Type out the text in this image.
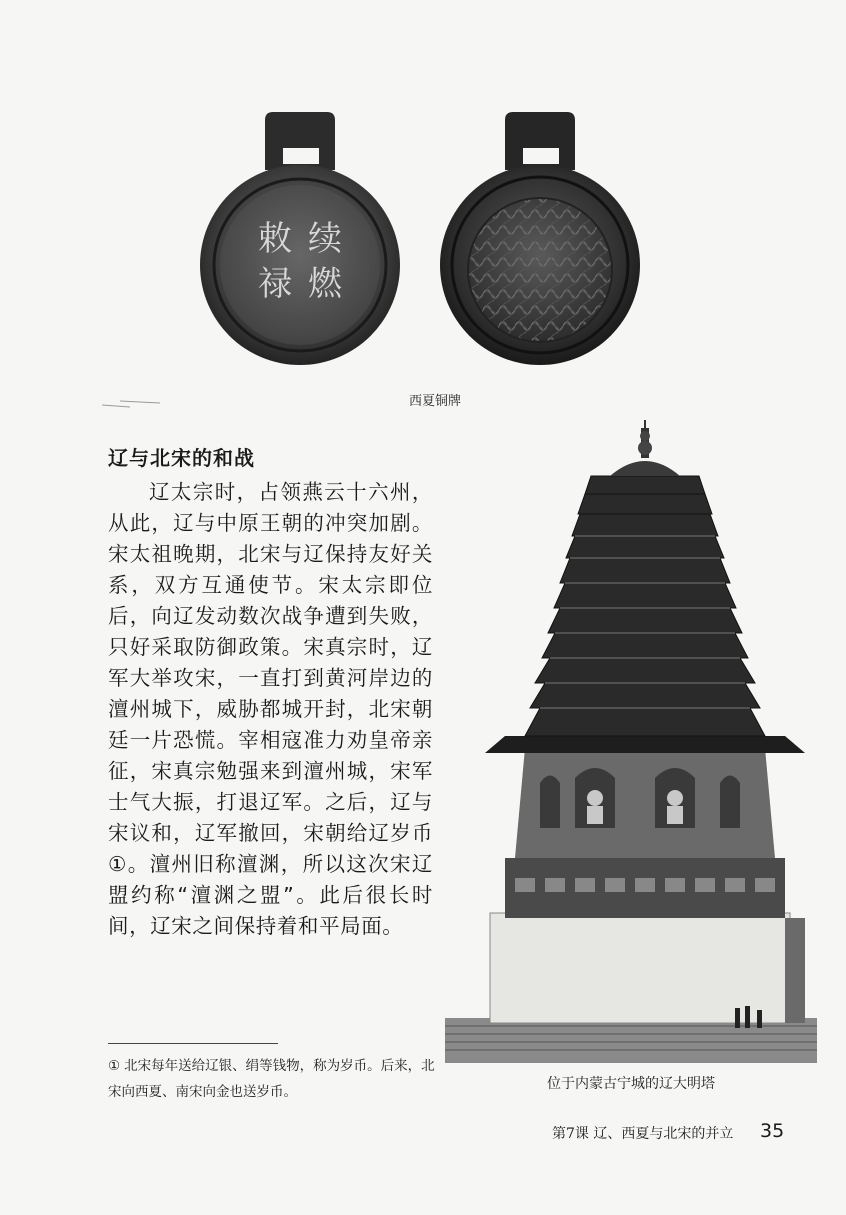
续
敕
燃
禄
西夏铜牌
辽与北宋的和战
辽太宗时，占领燕云十六州，从此，辽与中原王朝的冲突加剧。宋太祖晚期，北宋与辽保持友好关系，双方互通使节。宋太宗即位后，向辽发动数次战争遭到失败，只好采取防御政策。宋真宗时，辽军大举攻宋，一直打到黄河岸边的澶州城下，威胁都城开封，北宋朝廷一片恐慌。宰相寇准力劝皇帝亲征，宋真宗勉强来到澶州城，宋军士气大振，打退辽军。之后，辽与宋议和，辽军撤回，宋朝给辽岁币①。澶州旧称澶渊，所以这次宋辽盟约称“澶渊之盟”。此后很长时间，辽宋之间保持着和平局面。
位于内蒙古宁城的辽大明塔
① 北宋每年送给辽银、绢等钱物，称为岁币。后来，北宋向西夏、南宋向金也送岁币。
第7课 辽、西夏与北宋的并立 35
